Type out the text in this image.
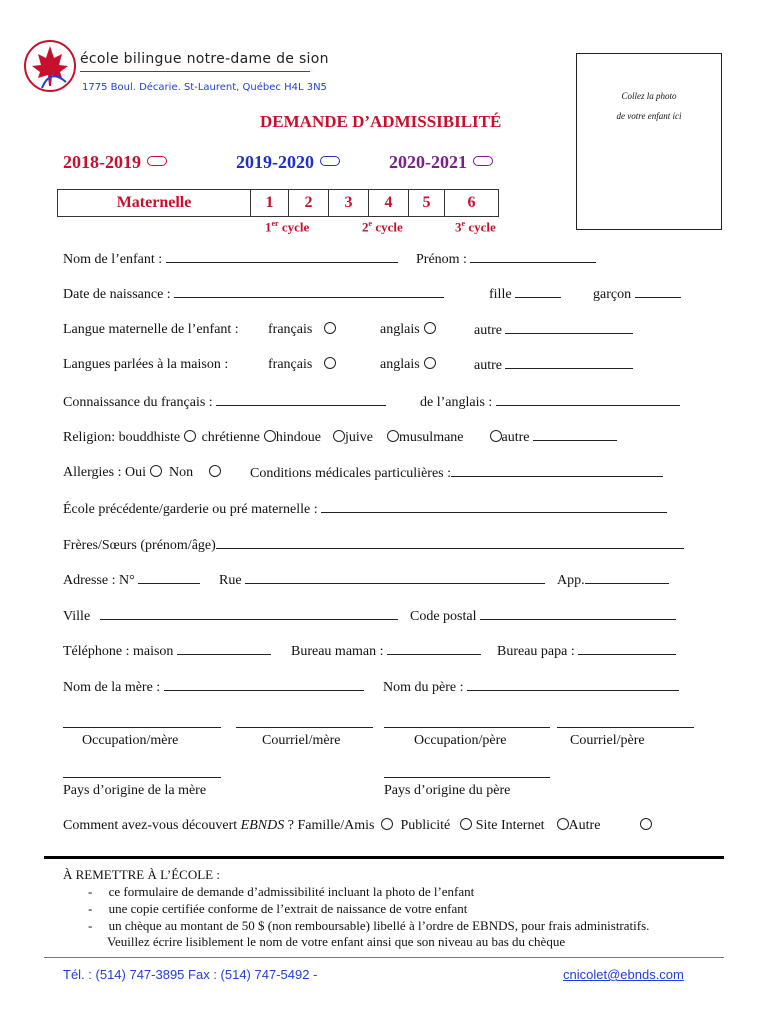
école bilingue notre-dame de sion
1775 Boul. Décarie. St-Laurent, Québec H4L 3N5
Collez la photo
de votre enfant ici
DEMANDE D’ADMISSIBILITÉ
2018-2019	2019-2020	2020-2021
Maternelle	1	2	3	4	5	6
1er cycle	2e cycle	3e cycle
Nom de l’enfant :	Prénom :
Date de naissance :	fille	garçon
Langue maternelle de l’enfant : français	anglais	autre
Langues parlées à la maison :	français	anglais	autre
Connaissance du français :	de l’anglais :
Religion: bouddhiste chrétienne hindoue juive musulmane	autre
Allergies : Oui Non	Conditions médicales particulières :
École précédente/garderie ou pré maternelle :
Frères/Sœurs (prénom/âge)
Adresse : N°	Rue	App.
Ville	Code postal
Téléphone : maison	Bureau maman :	Bureau papa :
Nom de la mère :	Nom du père :
Occupation/mère	Courriel/mère	Occupation/père	Courriel/père
Pays d’origine de la mère	Pays d’origine du père
Comment avez-vous découvert EBNDS ? Famille/Amis Publicité Site Internet Autre
À REMETTRE À L’ÉCOLE :
-     ce formulaire de demande d’admissibilité incluant la photo de l’enfant
-     une copie certifiée conforme de l’extrait de naissance de votre enfant
-     un chèque au montant de 50 $ (non remboursable) libellé à l’ordre de EBNDS, pour frais administratifs.
Veuillez écrire lisiblement le nom de votre enfant ainsi que son niveau au bas du chèque
Tél. : (514) 747-3895 Fax : (514) 747-5492 -	cnicolet@ebnds.com
